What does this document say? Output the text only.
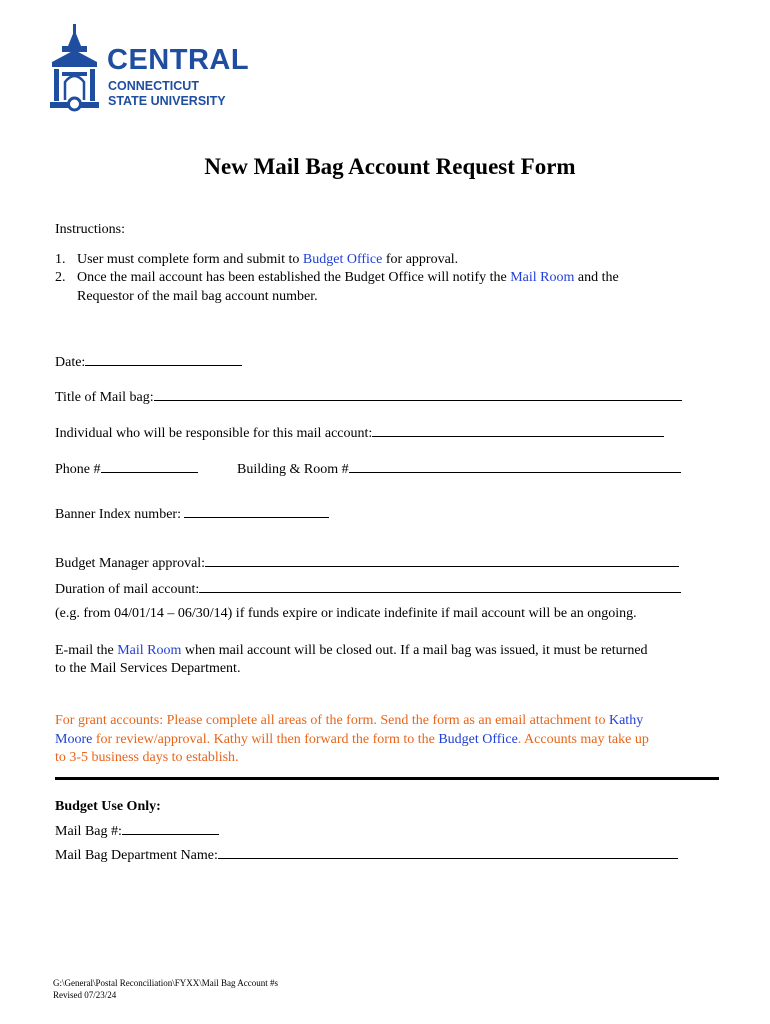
CENTRAL
CONNECTICUT
STATE UNIVERSITY
New Mail Bag Account Request Form
Instructions:
1. User must complete form and submit to Budget Office for approval.
2. Once the mail account has been established the Budget Office will notify the Mail Room and the
Requestor of the mail bag account number.
Date:
Title of Mail bag:
Individual who will be responsible for this mail account:
Phone #	Building & Room #
Banner Index number:
Budget Manager approval:
Duration of mail account:
(e.g. from 04/01/14 – 06/30/14) if funds expire or indicate indefinite if mail account will be an ongoing.
E-mail the Mail Room when mail account will be closed out. If a mail bag was issued, it must be returned
to the Mail Services Department.
For grant accounts: Please complete all areas of the form. Send the form as an email attachment to Kathy
Moore for review/approval. Kathy will then forward the form to the Budget Office. Accounts may take up
to 3-5 business days to establish.
Budget Use Only:
Mail Bag #:
Mail Bag Department Name:
G:\General\Postal Reconciliation\FYXX\Mail Bag Account #s
Revised 07/23/24
